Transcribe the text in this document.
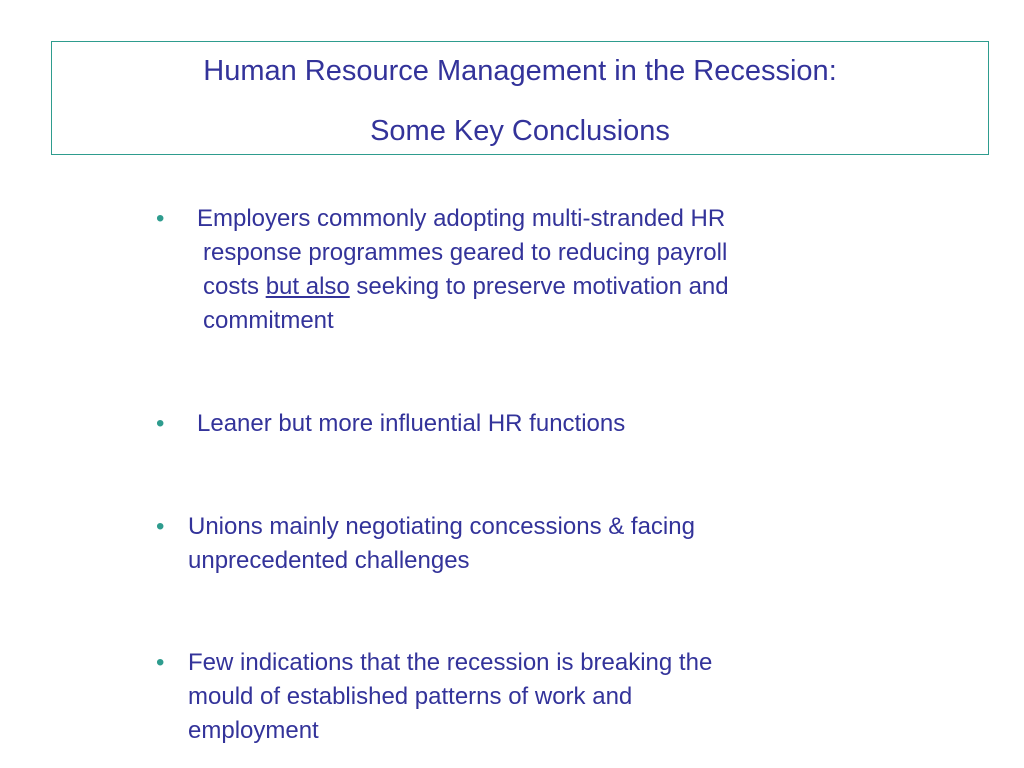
Human Resource Management in the Recession:
Some Key Conclusions
•	Employers commonly adopting multi-stranded HR
response programmes geared to reducing payroll
costs but also seeking to preserve motivation and
commitment
•	Leaner but more influential HR functions
• Unions mainly negotiating concessions & facing
unprecedented challenges
• Few indications that the recession is breaking the
mould of established patterns of work and
employment
